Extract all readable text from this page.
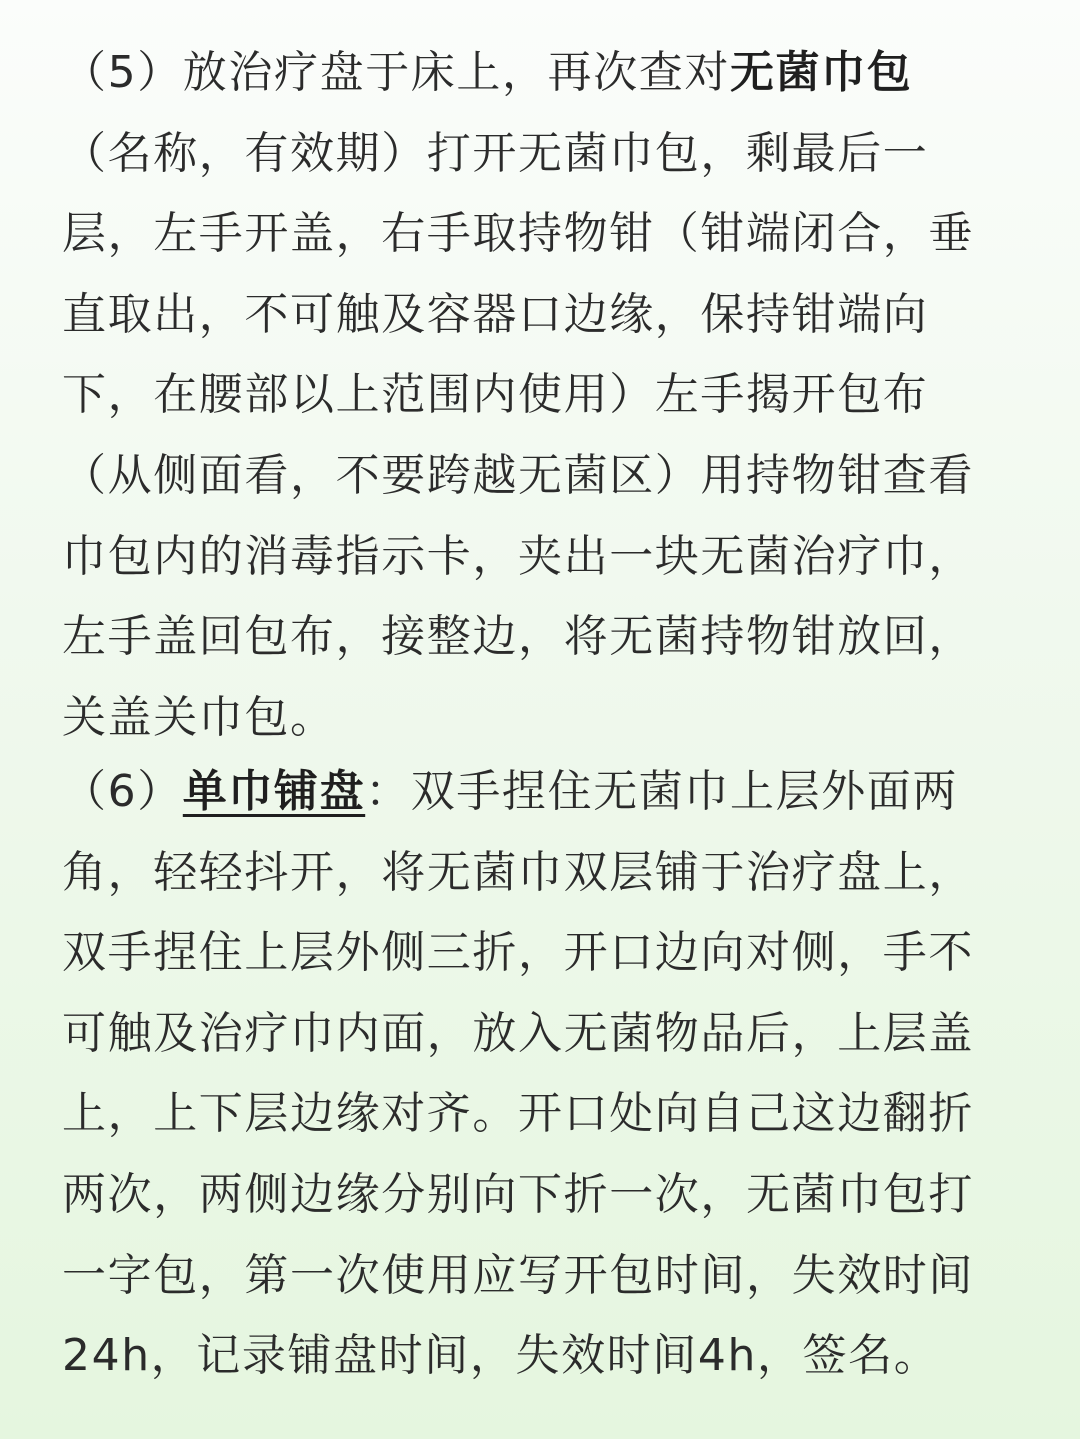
（5）放治疗盘于床上，再次查对无菌巾包
（名称，有效期）打开无菌巾包，剩最后一
层，左手开盖，右手取持物钳（钳端闭合，垂
直取出，不可触及容器口边缘，保持钳端向
下，在腰部以上范围内使用）左手揭开包布
（从侧面看，不要跨越无菌区）用持物钳查看
巾包内的消毒指示卡，夹出一块无菌治疗巾，
左手盖回包布，接整边，将无菌持物钳放回，
关盖关巾包。
（6）单巾铺盘：双手捏住无菌巾上层外面两
角，轻轻抖开，将无菌巾双层铺于治疗盘上，
双手捏住上层外侧三折，开口边向对侧，手不
可触及治疗巾内面，放入无菌物品后，上层盖
上，上下层边缘对齐。开口处向自己这边翻折
两次，两侧边缘分别向下折一次，无菌巾包打
一字包，第一次使用应写开包时间，失效时间
24h，记录铺盘时间，失效时间4h，签名。
